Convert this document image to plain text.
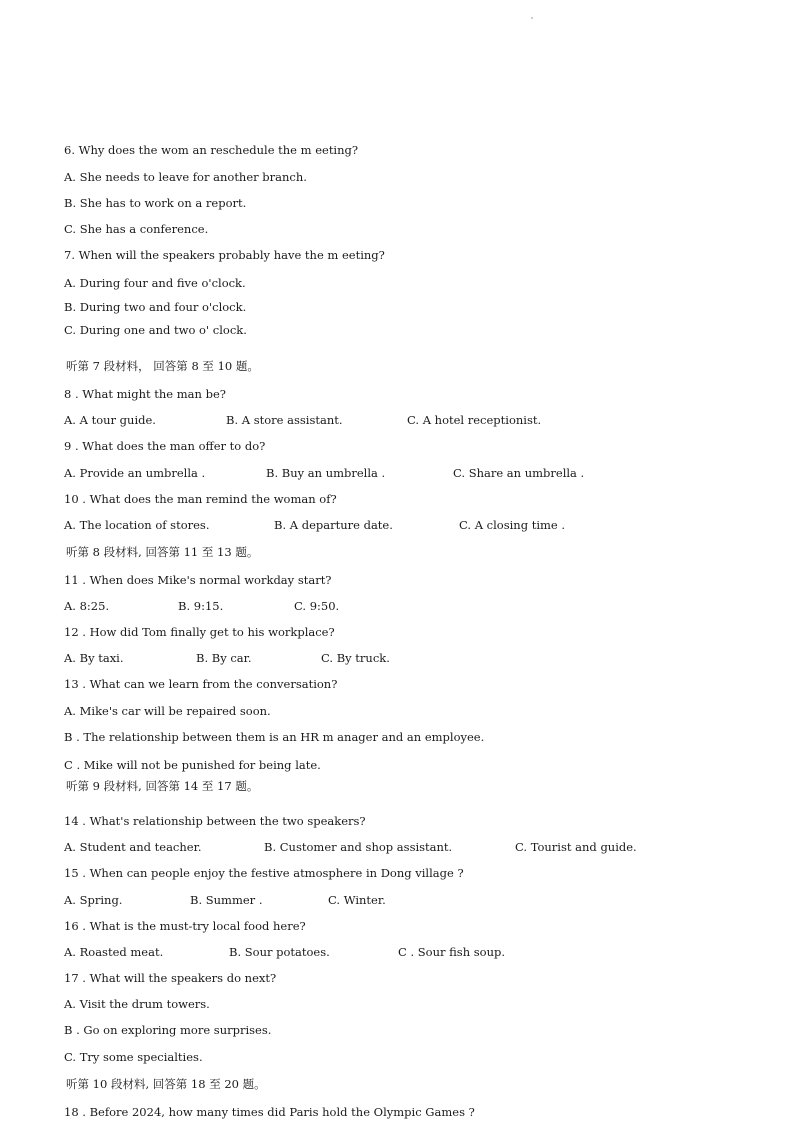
6. Why does the wom an reschedule the m eeting?
A. She needs to leave for another branch.
B. She has to work on a report.
C. She has a conference.
7. When will the speakers probably have the m eeting?
A. During four and five o'clock.
B. During two and four o'clock.
C. During one and two o' clock.
听第 7 段材料， 回答第 8 至 10 题。
8 . What might the man be?
A. A tour guide.	B. A store assistant.	C. A hotel receptionist.
9 . What does the man offer to do?
A. Provide an umbrella .	B. Buy an umbrella .	C. Share an umbrella .
10 . What does the man remind the woman of?
A. The location of stores.	B. A departure date.	C. A closing time .
听第 8 段材料, 回答第 11 至 13 题。
11 . When does Mike's normal workday start?
A. 8:25.	B. 9:15.	C. 9:50.
12 . How did Tom finally get to his workplace?
A. By taxi.	B. By car.	C. By truck.
13 . What can we learn from the conversation?
A. Mike's car will be repaired soon.
B . The relationship between them is an HR m anager and an employee.
C . Mike will not be punished for being late.
听第 9 段材料, 回答第 14 至 17 题。
14 . What's relationship between the two speakers?
A. Student and teacher.	B. Customer and shop assistant.	C. Tourist and guide.
15 . When can people enjoy the festive atmosphere in Dong village ?
A. Spring.	B. Summer .	C. Winter.
16 . What is the must-try local food here?
A. Roasted meat.	B. Sour potatoes.	C . Sour fish soup.
17 . What will the speakers do next?
A. Visit the drum towers.
B . Go on exploring more surprises.
C. Try some specialties.
听第 10 段材料, 回答第 18 至 20 题。
18 . Before 2024, how many times did Paris hold the Olympic Games ?
